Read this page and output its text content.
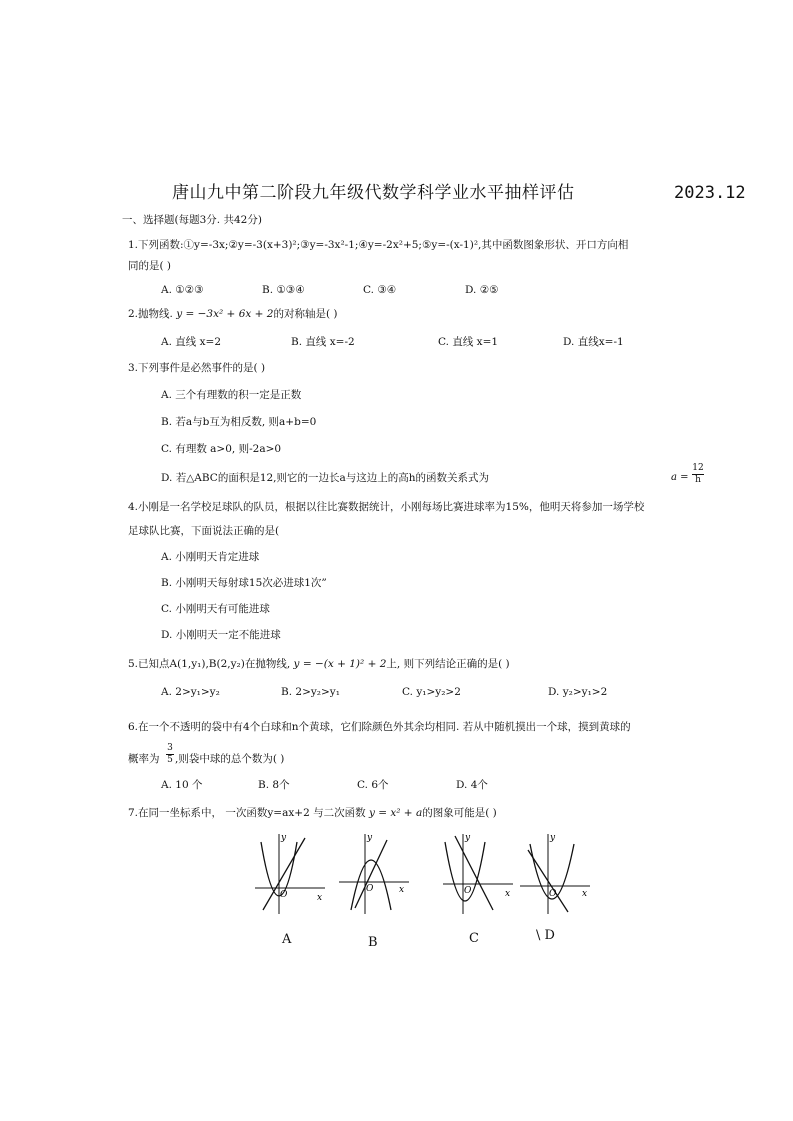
唐山九中第二阶段九年级代数学科学业水平抽样评估	2023.12
一、选择题(每题3分. 共42分)
1.下列函数:①y=-3x;②y=-3(x+3)²;③y=-3x²-1;④y=-2x²+5;⑤y=-(x-1)²,其中函数图象形状、开口方向相
同的是( )
A. ①②③	B. ①③④	C. ③④	D. ②⑤
2.抛物线. y = −3x² + 6x + 2的对称轴是( )
A. 直线 x=2	B. 直线 x=-2	C. 直线 x=1	D. 直线x=-1
3.下列事件是必然事件的是( )
A. 三个有理数的积一定是正数
B. 若a与b互为相反数, 则a+b=0
C. 有理数 a>0, 则-2a>0
D. 若△ABC的面积是12,则它的一边长a与这边上的高h的函数关系式为	a =
12
h
4.小刚是一名学校足球队的队员，根据以往比赛数据统计，小刚每场比赛进球率为15%，他明天将参加一场学校
足球队比赛，下面说法正确的是(
A. 小刚明天肯定进球
B. 小刚明天每射球15次必进球1次”
C. 小刚明天有可能进球
D. 小刚明天一定不能进球
5.已知点A(1,y₁),B(2,y₂)在抛物线, y = −(x + 1)² + 2上, 则下列结论正确的是( )
A. 2>y₁>y₂	B. 2>y₂>y₁	C. y₁>y₂>2	D. y₂>y₁>2
6.在一个不透明的袋中有4个白球和n个黄球，它们除颜色外其余均相同. 若从中随机摸出一个球，摸到黄球的
概率为
3
5 ,则袋中球的总个数为( )
A. 10 个	B. 8个	C. 6个	D. 4个
7.在同一坐标系中， 一次函数y=ax+2 与二次函数 y = x² + a的图象可能是( )
y
x
O
y
x
O
y
x
O
y
x
O
A	B	C	\ D
